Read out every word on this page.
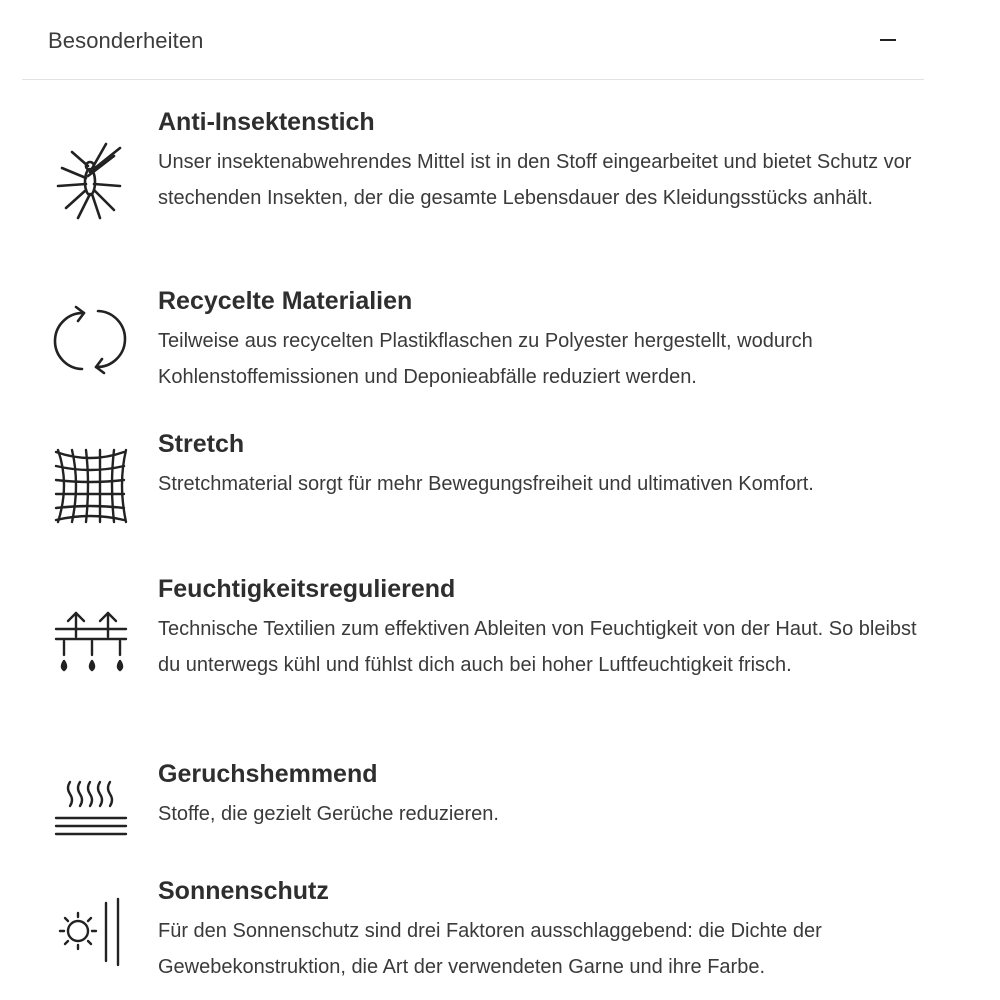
Besonderheiten
Anti-Insektenstich

Unser insektenabwehrendes Mittel ist in den Stoff eingearbeitet und bietet Schutz vor stechenden Insekten, der die gesamte Lebensdauer des Kleidungsstücks anhält.

Recycelte Materialien

Teilweise aus recycelten Plastikflaschen zu Polyester hergestellt, wodurch Kohlenstoffemissionen und Deponieabfälle reduziert werden.

Stretch

Stretchmaterial sorgt für mehr Bewegungsfreiheit und ultimativen Komfort.

Feuchtigkeitsregulierend

Technische Textilien zum effektiven Ableiten von Feuchtigkeit von der Haut. So bleibst du unterwegs kühl und fühlst dich auch bei hoher Luftfeuchtigkeit frisch.

Geruchshemmend

Stoffe, die gezielt Gerüche reduzieren.

Sonnenschutz

Für den Sonnenschutz sind drei Faktoren ausschlaggebend: die Dichte der Gewebekonstruktion, die Art der verwendeten Garne und ihre Farbe.
